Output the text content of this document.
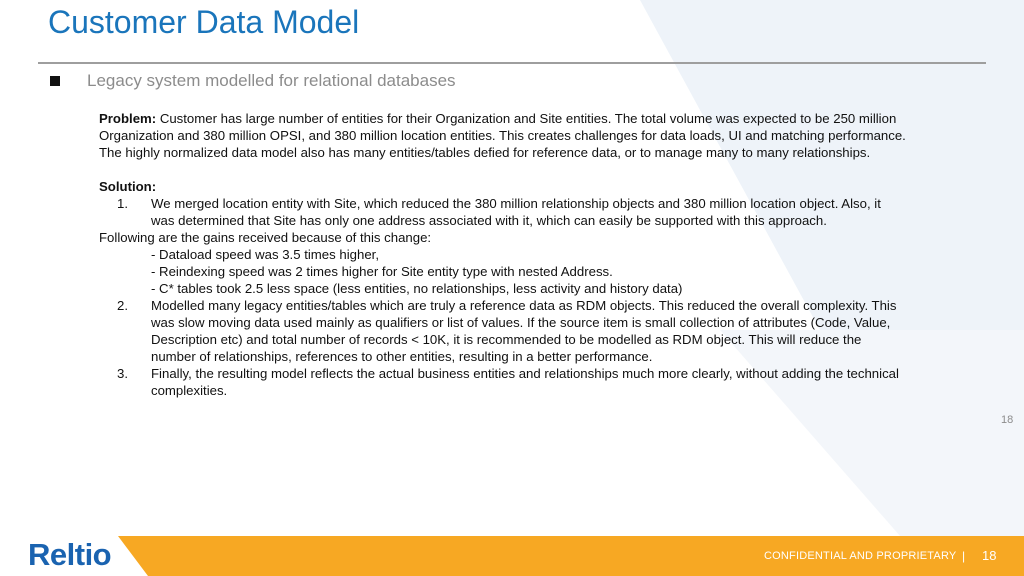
Customer Data Model
Legacy system modelled for relational databases

Problem: Customer has large number of entities for their Organization and Site entities. The total volume was expected to be 250 million

Organization and 380 million OPSI, and 380 million location entities. This creates challenges for data loads, UI and matching performance.

The highly normalized data model also has many entities/tables defied for reference data, or to manage many to many relationships.

Solution:

1. We merged location entity with Site, which reduced the 380 million relationship objects and 380 million location object. Also, it

was determined that Site has only one address associated with it, which can easily be supported with this approach.

Following are the gains received because of this change:

- Dataload speed was 3.5 times higher,

- Reindexing speed was 2 times higher for Site entity type with nested Address.

- C* tables took 2.5 less space (less entities, no relationships, less activity and history data)

2. Modelled many legacy entities/tables which are truly a reference data as RDM objects. This reduced the overall complexity. This

was slow moving data used mainly as qualifiers or list of values. If the source item is small collection of attributes (Code, Value,

Description etc) and total number of records < 10K, it is recommended to be modelled as RDM object. This will reduce the

number of relationships, references to other entities, resulting in a better performance.

3. Finally, the resulting model reflects the actual business entities and relationships much more clearly, without adding the technical

complexities.

18
Reltio	CONFIDENTIAL AND PROPRIETARY | 18
